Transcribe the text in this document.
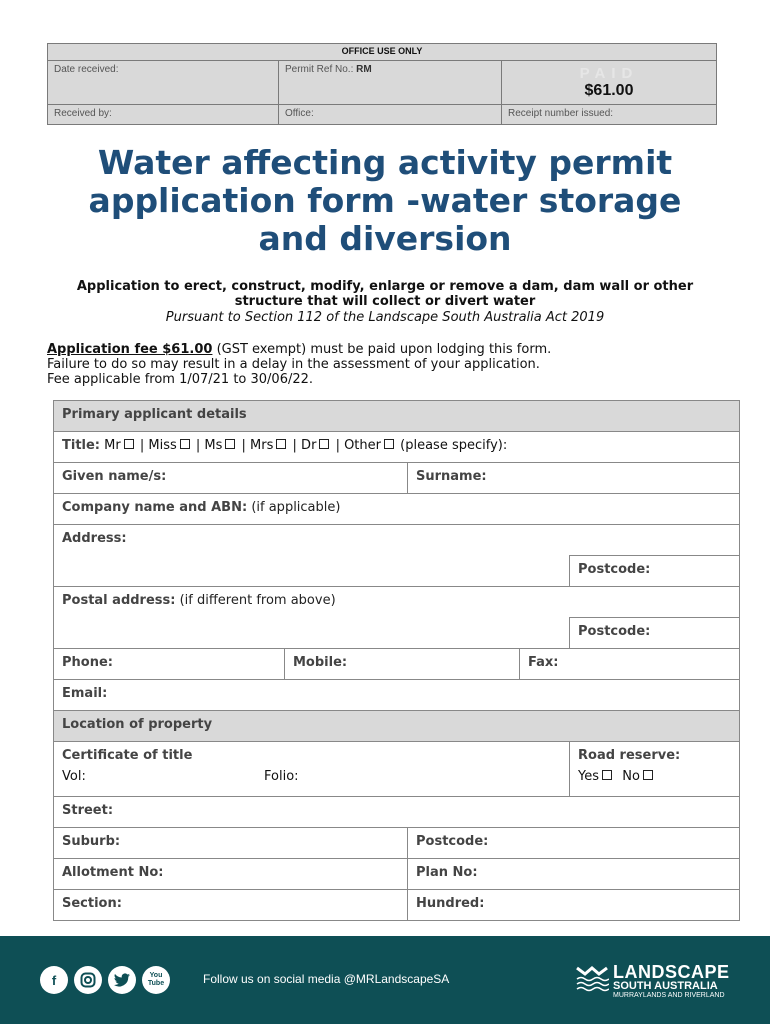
OFFICE USE ONLY		
Date received:	Permit Ref No.: RM	PAID
$61.00

Received by:	Office:	Receipt number issued:
Water affecting activity permit
application form -water storage
and diversion
Application to erect, construct, modify, enlarge or remove a dam, dam wall or other
structure that will collect or divert water
Pursuant to Section 112 of the Landscape South Australia Act 2019
Application fee $61.00 (GST exempt) must be paid upon lodging this form.
Failure to do so may result in a delay in the assessment of your application.
Fee applicable from 1/07/21 to 30/06/22.
Primary applicant details
Title: Mr | Miss | Ms | Mrs | Dr | Other (please specify):
Given name/s:	Surname:
Company name and ABN: (if applicable)
Address:
Postcode:
Postal address: (if different from above)
Postcode:
Phone:	Mobile:	Fax:
Email:
Location of property
Certificate of title
Vol:	Folio:
Road reserve:
Yes No
Street:
Suburb:	Postcode:
Allotment No:	Plan No:
Section:	Hundred:
f	You Tube	Follow us on social media @MRLandscapeSA	LANDSCAPE
SOUTH AUSTRALIA
MURRAYLANDS AND RIVERLAND
